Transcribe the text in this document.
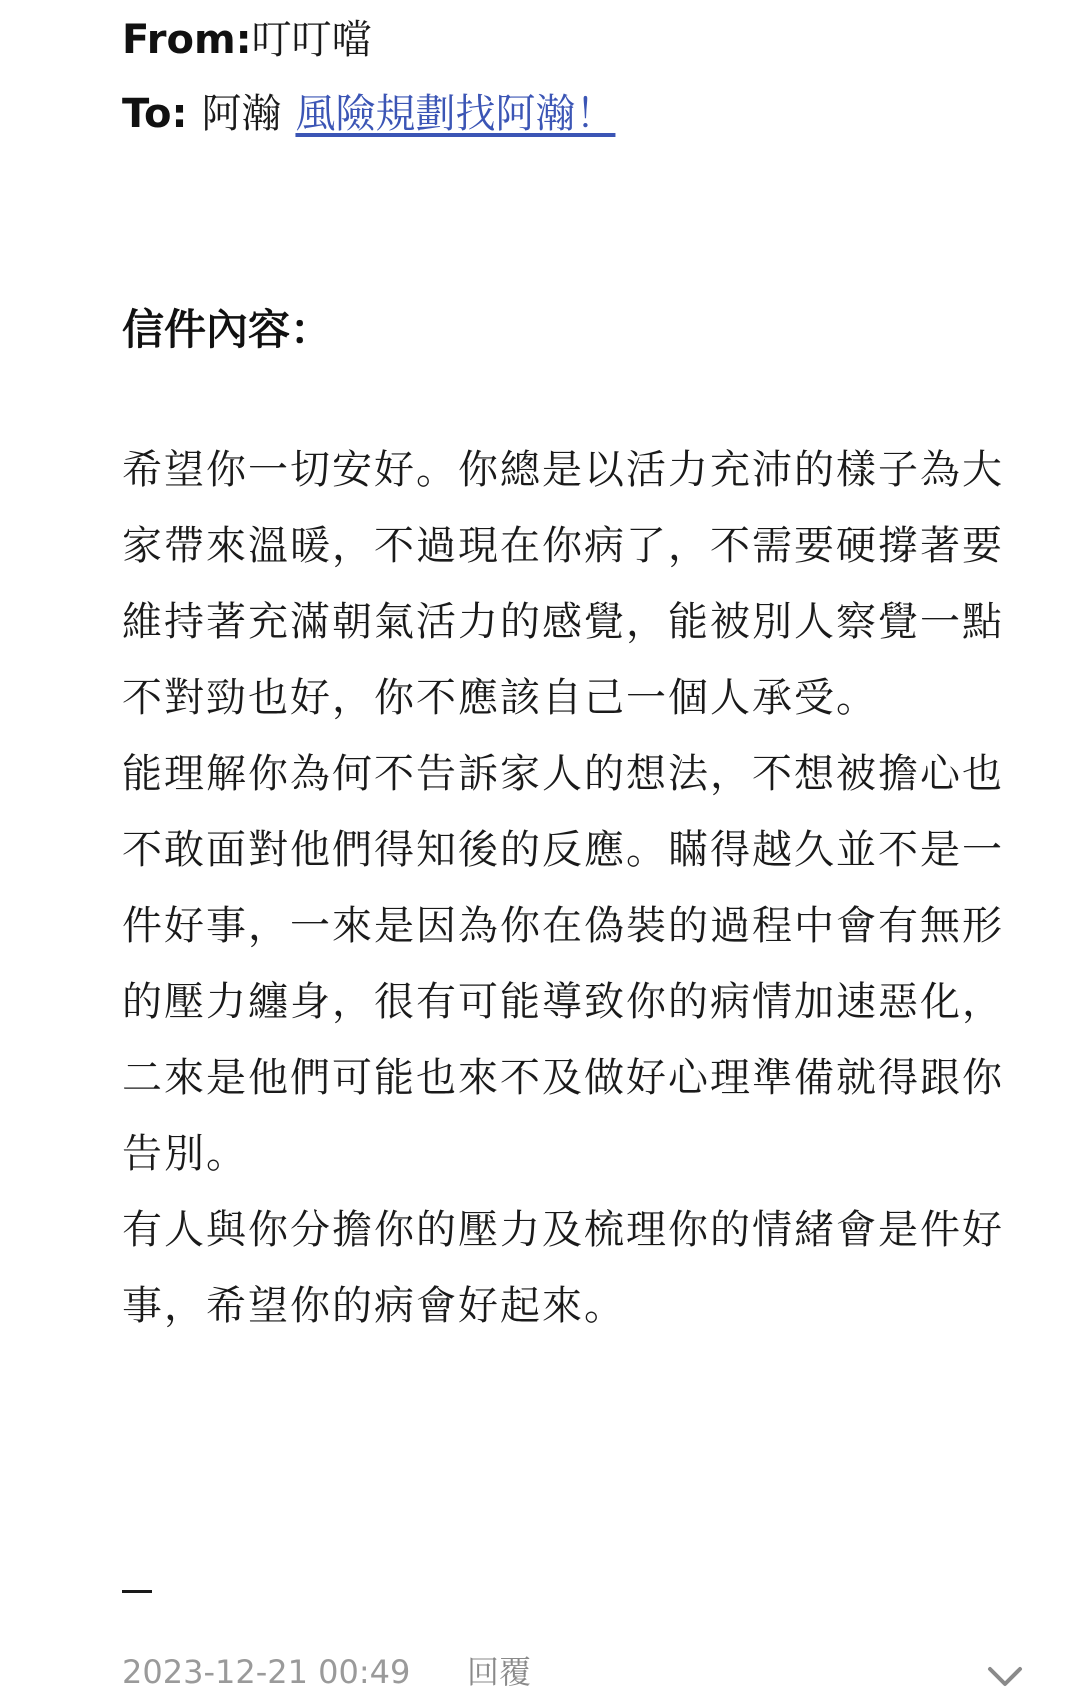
From:叮叮噹
To: 阿瀚 風險規劃找阿瀚！
信件內容：

希望你一切安好。你總是以活力充沛的樣子為大家帶來溫暖，不過現在你病了，不需要硬撐著要維持著充滿朝氣活力的感覺，能被別人察覺一點不對勁也好，你不應該自己一個人承受。

能理解你為何不告訴家人的想法，不想被擔心也不敢面對他們得知後的反應。瞞得越久並不是一件好事，一來是因為你在偽裝的過程中會有無形的壓力纏身，很有可能導致你的病情加速惡化，二來是他們可能也來不及做好心理準備就得跟你告別。

有人與你分擔你的壓力及梳理你的情緒會是件好事，希望你的病會好起來。

2023-12-21 00:49 回覆
